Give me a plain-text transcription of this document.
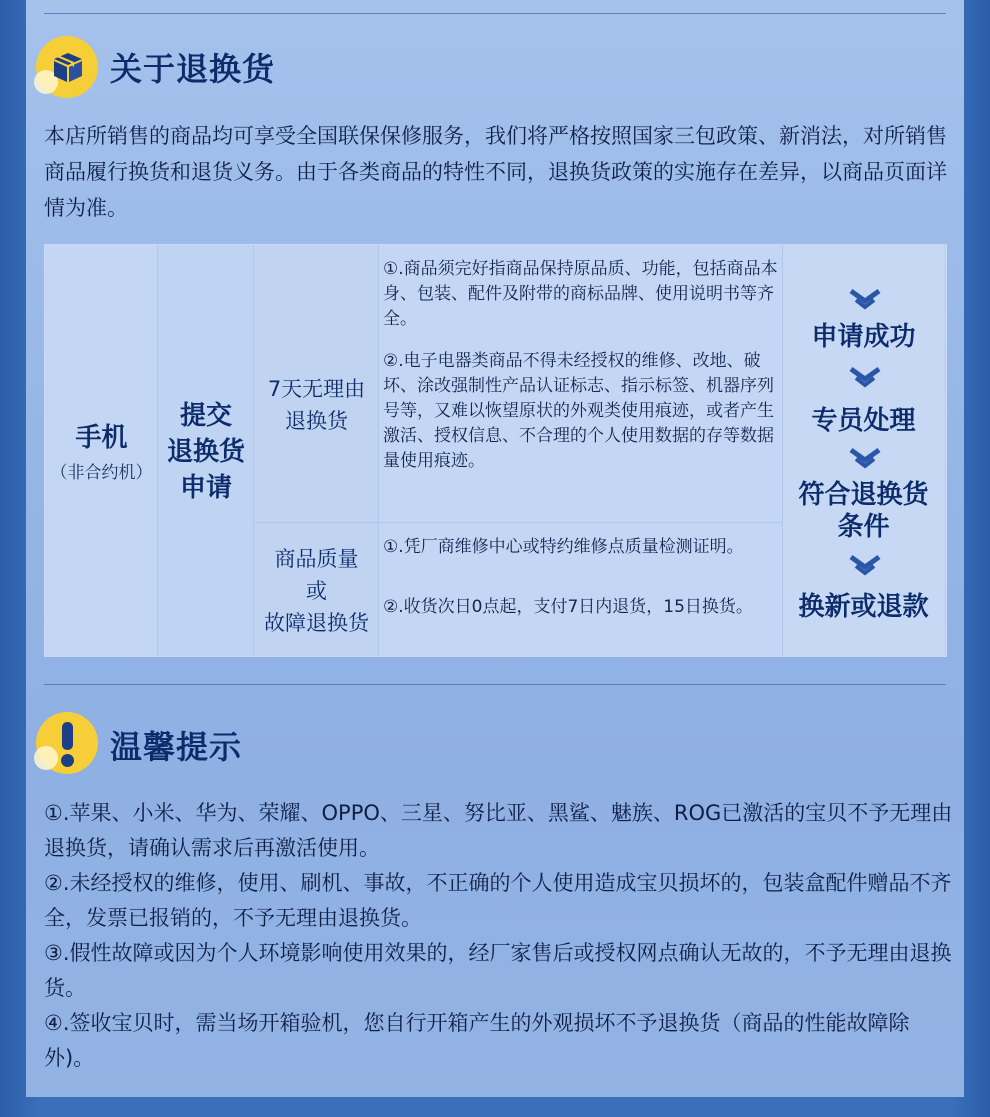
关于退换货
本店所销售的商品均可享受全国联保保修服务，我们将严格按照国家三包政策、新消法，对所销售商品履行换货和退货义务。由于各类商品的特性不同，退换货政策的实施存在差异，以商品页面详情为准。
手机
（非合约机）
提交
退换货
申请
7天无理由
退换货
商品质量
或
故障退换货
①.商品须完好指商品保持原品质、功能，包括商品本身、包装、配件及附带的商标品牌、使用说明书等齐全。
②.电子电器类商品不得未经授权的维修、改地、破坏、涂改强制性产品认证标志、指示标签、机器序列号等，又难以恢望原状的外观类使用痕迹，或者产生激活、授权信息、不合理的个人使用数据的存等数据量使用痕迹。
①.凭厂商维修中心或特约维修点质量检测证明。
②.收货次日0点起，支付7日内退货，15日换货。
申请成功
专员处理
符合退换货
条件
换新或退款
温馨提示
①.苹果、小米、华为、荣耀、OPPO、三星、努比亚、黑鲨、魅族、ROG已激活的宝贝不予无理由退换货，请确认需求后再激活使用。
②.未经授权的维修，使用、刷机、事故，不正确的个人使用造成宝贝损坏的，包装盒配件赠品不齐全，发票已报销的，不予无理由退换货。
③.假性故障或因为个人环境影响使用效果的，经厂家售后或授权网点确认无故的，不予无理由退换货。
④.签收宝贝时，需当场开箱验机，您自行开箱产生的外观损坏不予退换货（商品的性能故障除外)。
